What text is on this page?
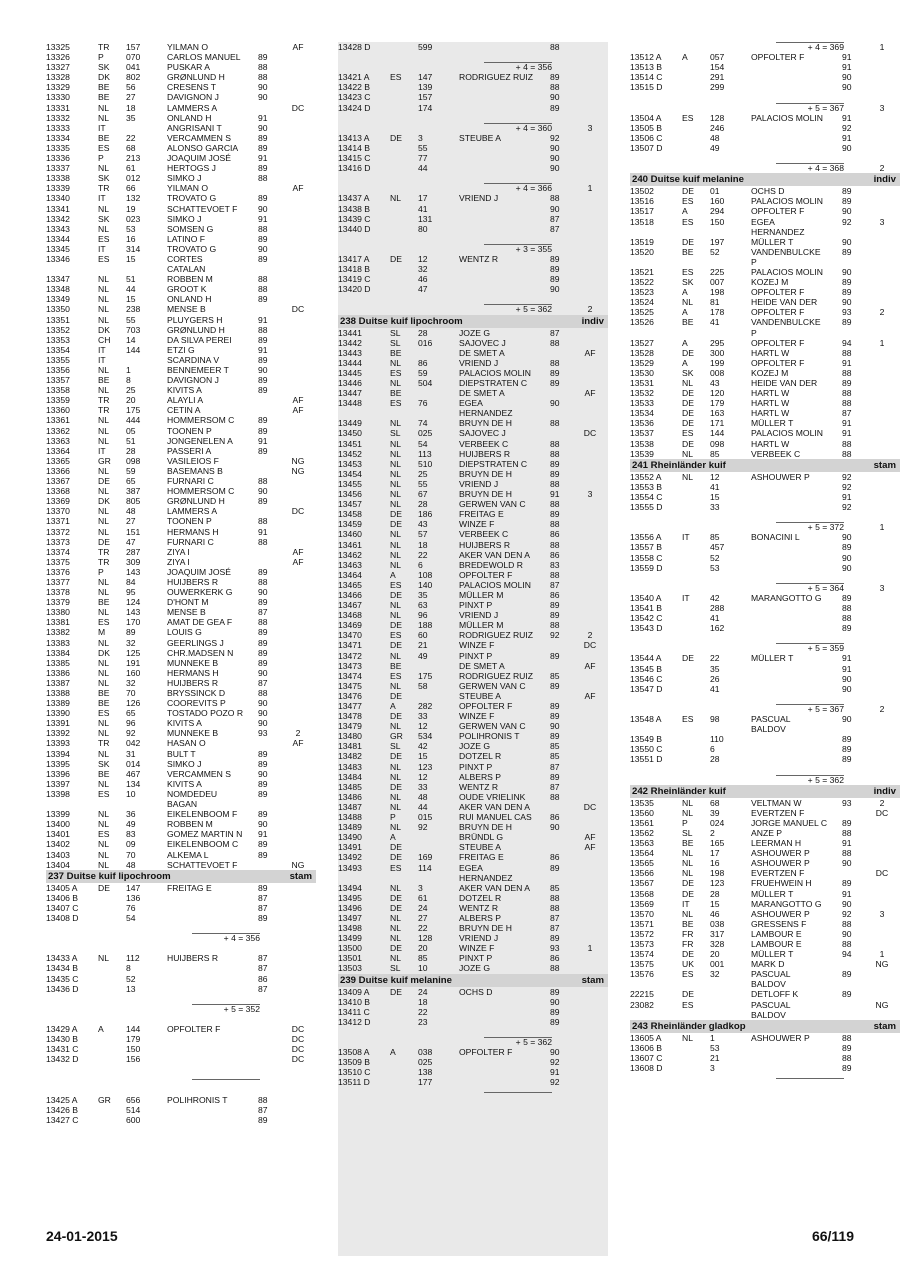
13325	TR	157	YILMAN O	AF
13326	P	070	CARLOS MANUEL	89
13327	SK	041	PUSKAR A	88
13328	DK	802	GRØNLUND H	88
13329	BE	56	CRESENS T	90
13330	BE	27	DAVIGNON J	90
13331	NL	18	LAMMERS A	DC
13332	NL	35	ONLAND H	91
13333	IT	ANGRISANI T	90
13334	BE	22	VERCAMMEN S	89
13335	ES	68	ALONSO GARCIA	89
13336	P	213	JOAQUIM JOSÉ	91
13337	NL	61	HERTOGS J	89
13338	SK	012	SIMKO J	88
13339	TR	66	YILMAN O	AF
13340	IT	132	TROVATO G	89
13341	NL	19	SCHATTEVOET F	90
13342	SK	023	SIMKO J	91
13343	NL	53	SOMSEN G	88
13344	ES	16	LATINO F	89
13345	IT	314	TROVATO G	90
13346	ES	15	CORTES	89
CATALAN
13347	NL	51	ROBBEN M	88
13348	NL	44	GROOT K	88
13349	NL	15	ONLAND H	89
13350	NL	238	MENSE B	DC
13351	NL	55	PLUYGERS H	91
13352	DK	703	GRØNLUND H	88
13353	CH	14	DA SILVA PEREI	89
13354	IT	144	ETZI G	91
13355	IT	SCARDINA V	89
13356	NL	1	BENNEMEER T	90
13357	BE	8	DAVIGNON J	89
13358	NL	25	KIVITS A	89
13359	TR	20	ALAYLI A	AF
13360	TR	175	CETIN A	AF
13361	NL	444	HOMMERSOM C	89
13362	NL	05	TOONEN P	89
13363	NL	51	JONGENELEN A	91
13364	IT	28	PASSERI A	89
13365	GR	098	VASILEIOS F	NG
13366	NL	59	BASEMANS B	NG
13367	DE	65	FURNARI C	88
13368	NL	387	HOMMERSOM C	90
13369	DK	805	GRØNLUND H	89
13370	NL	48	LAMMERS A	DC
13371	NL	27	TOONEN P	88
13372	NL	151	HERMANS H	91
13373	DE	47	FURNARI C	88
13374	TR	287	ZIYA I	AF
13375	TR	309	ZIYA I	AF
13376	P	143	JOAQUIM JOSÉ	89
13377	NL	84	HUIJBERS R	88
13378	NL	95	OUWERKERK G	90
13379	BE	124	D'HONT M	89
13380	NL	143	MENSE B	87
13381	ES	170	AMAT DE GEA F	88
13382	M	89	LOUIS G	89
13383	NL	32	GEERLINGS J	89
13384	DK	125	CHR.MADSEN N	89
13385	NL	191	MUNNEKE B	89
13386	NL	160	HERMANS H	90
13387	NL	32	HUIJBERS R	87
13388	BE	70	BRYSSINCK D	88
13389	BE	126	COOREVITS P	90
13390	ES	65	TOSTADO POZO R	90
13391	NL	96	KIVITS A	90
13392	NL	92	MUNNEKE B	93	2
13393	TR	042	HASAN O	AF
13394	NL	31	BULT T	89
13395	SK	014	SIMKO J	89
13396	BE	467	VERCAMMEN S	90
13397	NL	134	KIVITS A	89
13398	ES	10	NOMDEDEU	89
BAGAN
13399	NL	36	EIKELENBOOM F	89
13400	NL	49	ROBBEN M	90
13401	ES	83	GOMEZ MARTIN N	91
13402	NL	09	EIKELENBOOM C	89
13403	NL	70	ALKEMA L	89
13404	NL	48	SCHATTEVOET F	NG
237 Duitse kuif lipochroom	stam
13405 A	DE	147	FREITAG E	89
13406 B	136	87
13407 C	76	87
13408 D	54	89
+ 4 = 356
13433 A	NL	112	HUIJBERS R	87
13434 B	8	87
13435 C	52	86
13436 D	13	87
+ 5 = 352
13429 A	A	144	OPFOLTER F	DC
13430 B	179	DC
13431 C	150	DC
13432 D	156	DC
13425 A	GR	656	POLIHRONIS T	88
13426 B	514	87
13427 C	600	89
13428 D	599	88
+ 4 = 356
13421 A	ES	147	RODRIGUEZ RUIZ	89
13422 B	139	88
13423 C	157	90
13424 D	174	89
+ 4 = 360	3
13413 A	DE	3	STEUBE A	92
13414 B	55	90
13415 C	77	90
13416 D	44	90
+ 4 = 366	1
13437 A	NL	17	VRIEND J	88
13438 B	41	90
13439 C	131	87
13440 D	80	87
+ 3 = 355
13417 A	DE	12	WENTZ R	89
13418 B	32	89
13419 C	46	89
13420 D	47	90
+ 5 = 362	2
238 Duitse kuif lipochroom	indiv
13441	SL	28	JOZE G	87
13442	SL	016	SAJOVEC J	88
13443	BE	DE SMET A	AF
13444	NL	86	VRIEND J	88
13445	ES	59	PALACIOS MOLIN	89
13446	NL	504	DIEPSTRATEN C	89
13447	BE	DE SMET A	AF
13448	ES	76	EGEA	90
HERNANDEZ
13449	NL	74	BRUYN DE H	88
13450	SL	025	SAJOVEC J	DC
13451	NL	54	VERBEEK C	88
13452	NL	113	HUIJBERS R	88
13453	NL	510	DIEPSTRATEN C	89
13454	NL	25	BRUYN DE H	89
13455	NL	55	VRIEND J	88
13456	NL	67	BRUYN DE H	91	3
13457	NL	28	GERWEN VAN C	88
13458	DE	186	FREITAG E	89
13459	DE	43	WINZE F	88
13460	NL	57	VERBEEK C	86
13461	NL	18	HUIJBERS R	88
13462	NL	22	AKER VAN DEN A	86
13463	NL	6	BREDEWOLD R	83
13464	A	108	OPFOLTER F	88
13465	ES	140	PALACIOS MOLIN	87
13466	DE	35	MÜLLER M	86
13467	NL	63	PINXT P	89
13468	NL	96	VRIEND J	89
13469	DE	188	MÜLLER M	88
13470	ES	60	RODRIGUEZ RUIZ	92	2
13471	DE	21	WINZE F	DC
13472	NL	49	PINXT P	89
13473	BE	DE SMET A	AF
13474	ES	175	RODRIGUEZ RUIZ	85
13475	NL	58	GERWEN VAN C	89
13476	DE	STEUBE A	AF
13477	A	282	OPFOLTER F	89
13478	DE	33	WINZE F	89
13479	NL	12	GERWEN VAN C	90
13480	GR	534	POLIHRONIS T	89
13481	SL	42	JOZE G	85
13482	DE	15	DOTZEL R	85
13483	NL	123	PINXT P	87
13484	NL	12	ALBERS P	89
13485	DE	33	WENTZ R	87
13486	NL	48	OUDE VRIELINK	88
13487	NL	44	AKER VAN DEN A	DC
13488	P	015	RUI MANUEL CAS	86
13489	NL	92	BRUYN DE H	90
13490	A	BRÜNDL G	AF
13491	DE	STEUBE A	AF
13492	DE	169	FREITAG E	86
13493	ES	114	EGEA	89
HERNANDEZ
13494	NL	3	AKER VAN DEN A	85
13495	DE	61	DOTZEL R	88
13496	DE	24	WENTZ R	88
13497	NL	27	ALBERS P	87
13498	NL	22	BRUYN DE H	87
13499	NL	128	VRIEND J	89
13500	DE	20	WINZE F	93	1
13501	NL	85	PINXT P	86
13503	SL	10	JOZE G	88
239 Duitse kuif melanine	stam
13409 A	DE	24	OCHS D	89
13410 B	18	90
13411 C	22	89
13412 D	23	89
+ 5 = 362
13508 A	A	038	OPFOLTER F	90
13509 B	025	92
13510 C	138	91
13511 D	177	92
+ 4 = 369	1
13512 A	A	057	OPFOLTER F	91
13513 B	154	91
13514 C	291	90
13515 D	299	90
+ 5 = 367	3
13504 A	ES	128	PALACIOS MOLIN	91
13505 B	246	92
13506 C	48	91
13507 D	49	90
+ 4 = 368	2
240 Duitse kuif melanine	indiv
13502	DE	01	OCHS D	89
13516	ES	160	PALACIOS MOLIN	89
13517	A	294	OPFOLTER F	90
13518	ES	150	EGEA	92	3
HERNANDEZ
13519	DE	197	MÜLLER T	90
13520	BE	52	VANDENBULCKE	89
P
13521	ES	225	PALACIOS MOLIN	90
13522	SK	007	KOZEJ M	89
13523	A	198	OPFOLTER F	89
13524	NL	81	HEIDE VAN DER	90
13525	A	178	OPFOLTER F	93	2
13526	BE	41	VANDENBULCKE	89
P
13527	A	295	OPFOLTER F	94	1
13528	DE	300	HARTL W	88
13529	A	199	OPFOLTER F	91
13530	SK	008	KOZEJ M	88
13531	NL	43	HEIDE VAN DER	89
13532	DE	120	HARTL W	88
13533	DE	179	HARTL W	88
13534	DE	163	HARTL W	87
13536	DE	171	MÜLLER T	91
13537	ES	144	PALACIOS MOLIN	91
13538	DE	098	HARTL W	88
13539	NL	85	VERBEEK C	88
241 Rheinländer kuif	stam
13552 A	NL	12	ASHOUWER P	92
13553 B	41	92
13554 C	15	91
13555 D	33	92
+ 5 = 372	1
13556 A	IT	85	BONACINI L	90
13557 B	457	89
13558 C	52	90
13559 D	53	90
+ 5 = 364	3
13540 A	IT	42	MARANGOTTO G	89
13541 B	288	88
13542 C	41	88
13543 D	162	89
+ 5 = 359
13544 A	DE	22	MÜLLER T	91
13545 B	35	91
13546 C	26	90
13547 D	41	90
+ 5 = 367	2
13548 A	ES	98	PASCUAL	90
BALDOV
13549 B	110	89
13550 C	6	89
13551 D	28	89
+ 5 = 362
242 Rheinländer kuif	indiv
13535	NL	68	VELTMAN W	93	2
13560	NL	39	EVERTZEN F	DC
13561	P	024	JORGE MANUEL C	89
13562	SL	2	ANZE P	88
13563	BE	165	LEERMAN H	91
13564	NL	17	ASHOUWER P	88
13565	NL	16	ASHOUWER P	90
13566	NL	198	EVERTZEN F	DC
13567	DE	123	FRUEHWEIN H	89
13568	DE	28	MÜLLER T	91
13569	IT	15	MARANGOTTO G	90
13570	NL	46	ASHOUWER P	92	3
13571	BE	038	GRESSENS F	88
13572	FR	317	LAMBOUR E	90
13573	FR	328	LAMBOUR E	88
13574	DE	20	MÜLLER T	94	1
13575	UK	001	MARK D	NG
13576	ES	32	PASCUAL	89
BALDOV
22215	DE	DETLOFF K	89
23082	ES	PASCUAL	NG
BALDOV
243 Rheinländer gladkop	stam
13605 A	NL	1	ASHOUWER P	88
13606 B	53	89
13607 C	21	88
13608 D	3	89
24-01-2015	66/119
